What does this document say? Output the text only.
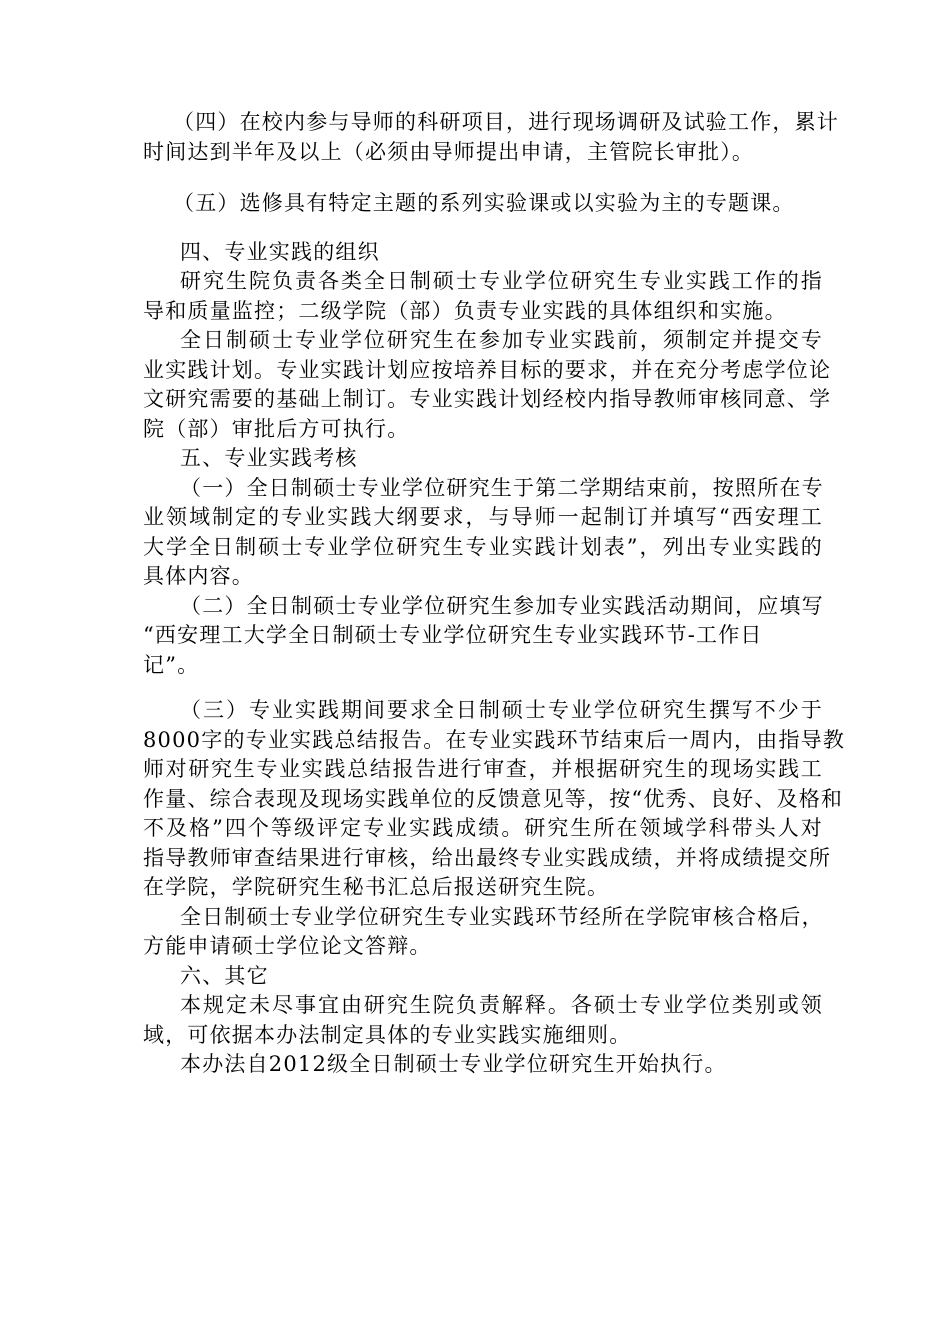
（四）在校内参与导师的科研项目，进行现场调研及试验工作，累计
时间达到半年及以上（必须由导师提出申请，主管院长审批）。
（五）选修具有特定主题的系列实验课或以实验为主的专题课。
四、专业实践的组织
研究生院负责各类全日制硕士专业学位研究生专业实践工作的指
导和质量监控；二级学院（部）负责专业实践的具体组织和实施。
全日制硕士专业学位研究生在参加专业实践前，须制定并提交专
业实践计划。专业实践计划应按培养目标的要求，并在充分考虑学位论
文研究需要的基础上制订。专业实践计划经校内指导教师审核同意、学
院（部）审批后方可执行。
五、专业实践考核
（一）全日制硕士专业学位研究生于第二学期结束前，按照所在专
业领域制定的专业实践大纲要求，与导师一起制订并填写“西安理工
大学全日制硕士专业学位研究生专业实践计划表”，列出专业实践的
具体内容。
（二）全日制硕士专业学位研究生参加专业实践活动期间，应填写
“西安理工大学全日制硕士专业学位研究生专业实践环节-工作日
记”。
（三）专业实践期间要求全日制硕士专业学位研究生撰写不少于
8000字的专业实践总结报告。在专业实践环节结束后一周内，由指导教
师对研究生专业实践总结报告进行审查，并根据研究生的现场实践工
作量、综合表现及现场实践单位的反馈意见等，按“优秀、良好、及格和
不及格”四个等级评定专业实践成绩。研究生所在领域学科带头人对
指导教师审查结果进行审核，给出最终专业实践成绩，并将成绩提交所
在学院，学院研究生秘书汇总后报送研究生院。
全日制硕士专业学位研究生专业实践环节经所在学院审核合格后，
方能申请硕士学位论文答辩。
六、其它
本规定未尽事宜由研究生院负责解释。各硕士专业学位类别或领
域，可依据本办法制定具体的专业实践实施细则。
本办法自2012级全日制硕士专业学位研究生开始执行。
